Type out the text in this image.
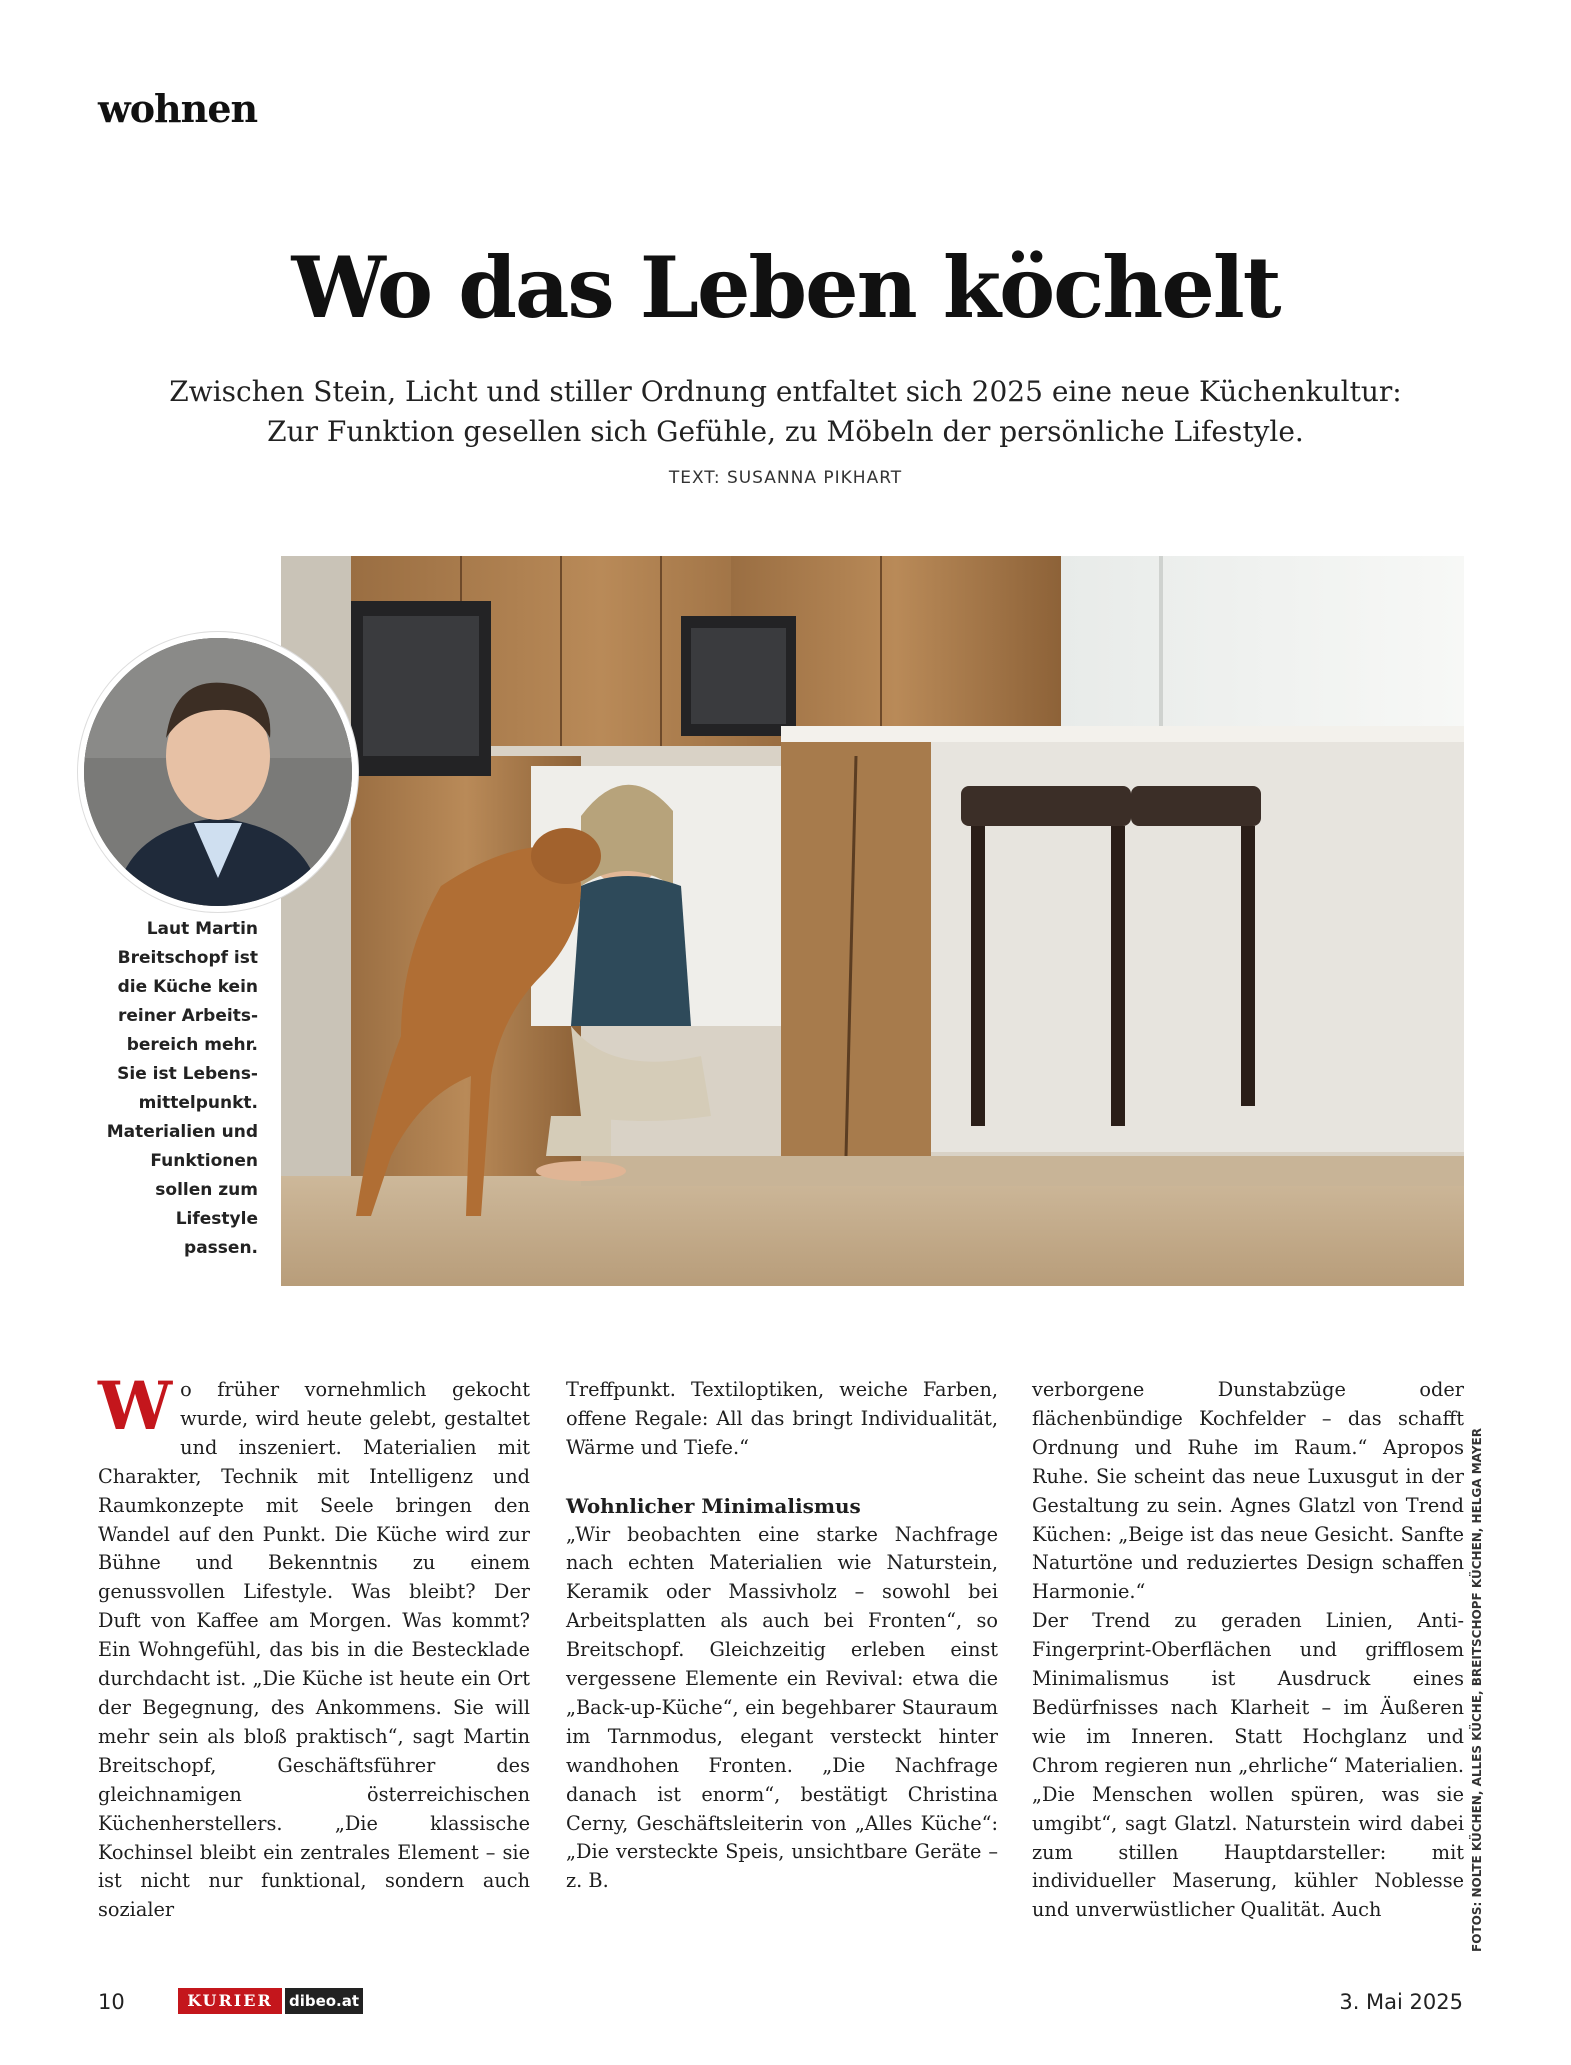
wohnen
Wo das Leben köchelt
Zwischen Stein, Licht und stiller Ordnung entfaltet sich 2025 eine neue Küchenkultur:
Zur Funktion gesellen sich Gefühle, zu Möbeln der persönliche Lifestyle.
TEXT: SUSANNA PIKHART
Laut Martin Breitschopf ist die Küche kein reiner Arbeits-bereich mehr. Sie ist Lebens-mittelpunkt. Materialien und Funktionen sollen zum Lifestyle passen.

Wo früher vornehmlich gekocht wurde, wird heute gelebt, gestaltet und inszeniert. Materialien mit Charakter, Technik mit Intelligenz und Raumkonzepte mit Seele bringen den Wandel auf den Punkt. Die Küche wird zur Bühne und Bekenntnis zu einem genussvollen Lifestyle. Was bleibt? Der Duft von Kaffee am Morgen. Was kommt? Ein Wohngefühl, das bis in die Bestecklade durchdacht ist. „Die Küche ist heute ein Ort der Begegnung, des Ankommens. Sie will mehr sein als bloß praktisch“, sagt Martin Breitschopf, Geschäftsführer des gleichnamigen österreichischen Küchenherstellers. „Die klassische Kochinsel bleibt ein zentrales Element – sie ist nicht nur funktional, sondern auch sozialer

Treffpunkt. Textiloptiken, weiche Farben, offene Regale: All das bringt Individualität, Wärme und Tiefe.“

Wohnlicher Minimalismus

„Wir beobachten eine starke Nachfrage nach echten Materialien wie Naturstein, Keramik oder Massivholz – sowohl bei Arbeitsplatten als auch bei Fronten“, so Breitschopf. Gleichzeitig erleben einst vergessene Elemente ein Revival: etwa die „Back-up-Küche“, ein begehbarer Stauraum im Tarnmodus, elegant versteckt hinter wandhohen Fronten. „Die Nachfrage danach ist enorm“, bestätigt Christina Cerny, Geschäftsleiterin von „Alles Küche“: „Die versteckte Speis, unsichtbare Geräte – z. B.

verborgene Dunstabzüge oder flächenbündige Kochfelder – das schafft Ordnung und Ruhe im Raum.“ Apropos Ruhe. Sie scheint das neue Luxusgut in der Gestaltung zu sein. Agnes Glatzl von Trend Küchen: „Beige ist das neue Gesicht. Sanfte Naturtöne und reduziertes Design schaffen Harmonie.“

Der Trend zu geraden Linien, Anti-Fingerprint-Oberflächen und grifflosem Minimalismus ist Ausdruck eines Bedürfnisses nach Klarheit – im Äußeren wie im Inneren. Statt Hochglanz und Chrom regieren nun „ehrliche“ Materialien. „Die Menschen wollen spüren, was sie umgibt“, sagt Glatzl. Naturstein wird dabei zum stillen Hauptdarsteller: mit individueller Maserung, kühler Noblesse und unverwüstlicher Qualität. Auch	FOTOS: NOLTE KÜCHEN, ALLES KÜCHE, BREITSCHOPF KÜCHEN, HELGA MAYER
10	KURIER	dibeo.at	3. Mai 2025
